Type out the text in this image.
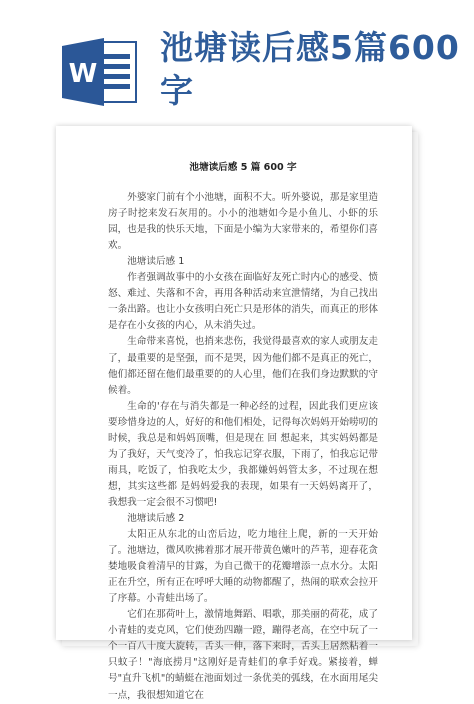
W
池塘读后感5篇600字
池塘读后感 5 篇 600 字

外婆家门前有个小池塘，面积不大。听外婆说，那是家里造房子时挖来发石灰用的。小小的池塘如今是小鱼儿、小虾的乐园，也是我的快乐天地，下面是小编为大家带来的，希望你们喜欢。

池塘读后感 1

作者强调故事中的小女孩在面临好友死亡时内心的感受、愤怒、难过、失落和不舍，再用各种活动来宣泄情绪，为自己找出一条出路。也让小女孩明白死亡只是形体的消失，而真正的形体是存在小女孩的内心，从未消失过。

生命带来喜悦，也捎来悲伤，我觉得最喜欢的家人或朋友走了，最重要的是坚强，而不是哭，因为他们都不是真正的死亡，他们都还留在他们最重要的的人心里，他们在我们身边默默的守候着。

生命的'存在与消失都是一种必经的过程，因此我们更应该要珍惜身边的人，好好的和他们相处，记得每次妈妈开始唠叨的时候，我总是和妈妈顶嘴，但是现在 回 想起来，其实妈妈都是为了我好，天气变冷了，怕我忘记穿衣服，下雨了，怕我忘记带雨具，吃饭了，怕我吃太少，我都嫌妈妈管太多，不过现在想想，其实这些都 是妈妈爱我的表现，如果有一天妈妈离开了，我想我一定会很不习惯吧!

池塘读后感 2

太阳正从东北的山峦后边，吃力地往上爬，新的一天开始了。池塘边，微风吹拂着那才展开带黄色嫩叶的芦苇，迎春花贪婪地吸食着清早的甘露，为自己微干的花瓣增添一点水分。太阳正在升空，所有正在呼呼大睡的动物都醒了，热闹的联欢会拉开了序幕。小青蛙出场了。

它们在那荷叶上，激情地舞蹈、唱歌，那美丽的荷花，成了小青蛙的麦克风，它们使劲四蹦一蹬，蹦得老高，在空中玩了一个一百八十度大旋转，舌头一伸，落下来时，舌头上居然粘着一只蚊子！"海底捞月"这刚好是青蛙们的拿手好戏。紧接着，蝉号"直升飞机"的蜻蜓在池面划过一条优美的弧线，在水面用尾尖一点，我很想知道它在
